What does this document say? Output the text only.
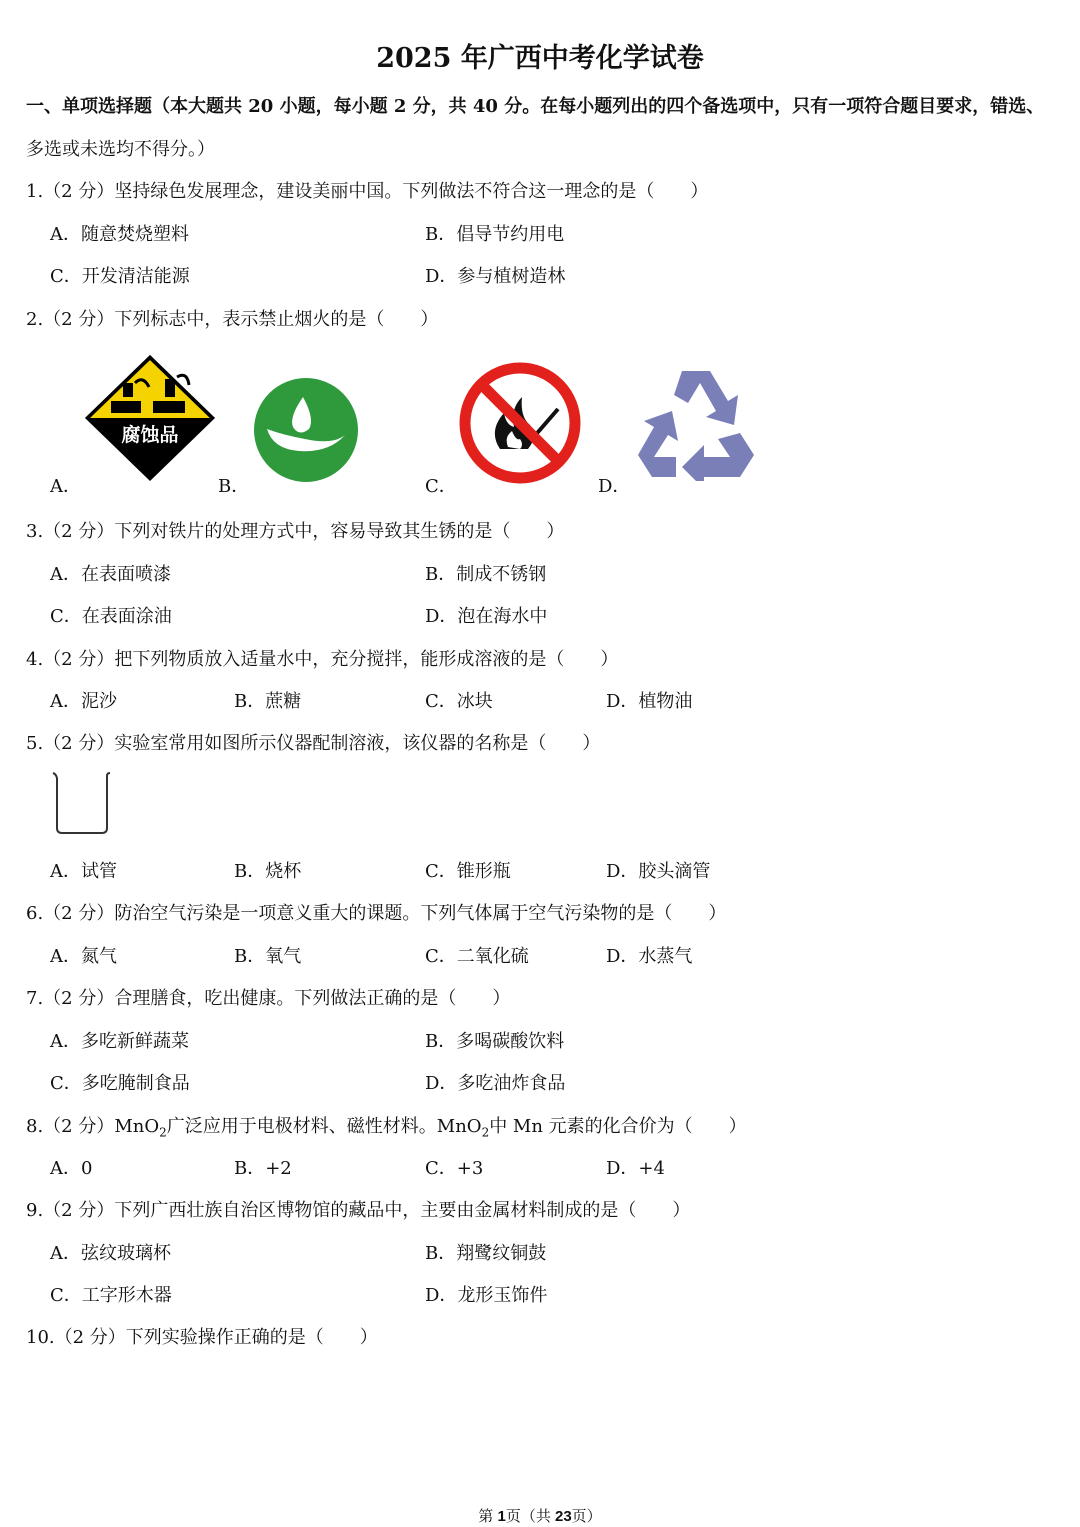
2025 年广西中考化学试卷
一、单项选择题（本大题共 20 小题，每小题 2 分，共 40 分。在每小题列出的四个备选项中，只有一项符合题目要求，错选、
多选或未选均不得分。）
1.（2 分）坚持绿色发展理念，建设美丽中国。下列做法不符合这一理念的是（　　）
A．随意焚烧塑料	B．倡导节约用电
C．开发清洁能源	D．参与植树造林
2.（2 分）下列标志中，表示禁止烟火的是（　　）
A．	B．	C．	D．
腐蚀品
3.（2 分）下列对铁片的处理方式中，容易导致其生锈的是（　　）
A．在表面喷漆	B．制成不锈钢
C．在表面涂油	D．泡在海水中
4.（2 分）把下列物质放入适量水中，充分搅拌，能形成溶液的是（　　）
A．泥沙	B．蔗糖	C．冰块	D．植物油
5.（2 分）实验室常用如图所示仪器配制溶液，该仪器的名称是（　　）
A．试管	B．烧杯	C．锥形瓶	D．胶头滴管
6.（2 分）防治空气污染是一项意义重大的课题。下列气体属于空气污染物的是（　　）
A．氮气	B．氧气	C．二氧化硫	D．水蒸气
7.（2 分）合理膳食，吃出健康。下列做法正确的是（　　）
A．多吃新鲜蔬菜	B．多喝碳酸饮料
C．多吃腌制食品	D．多吃油炸食品
8.（2 分）MnO$_2$广泛应用于电极材料、磁性材料。MnO$_2$中 Mn 元素的化合价为（　　）
A．0	B．+2	C．+3	D．+4
9.（2 分）下列广西壮族自治区博物馆的藏品中，主要由金属材料制成的是（　　）
A．弦纹玻璃杯	B．翔鹭纹铜鼓
C．工字形木器	D．龙形玉饰件
10.（2 分）下列实验操作正确的是（　　）
第 1页（共 23页）
